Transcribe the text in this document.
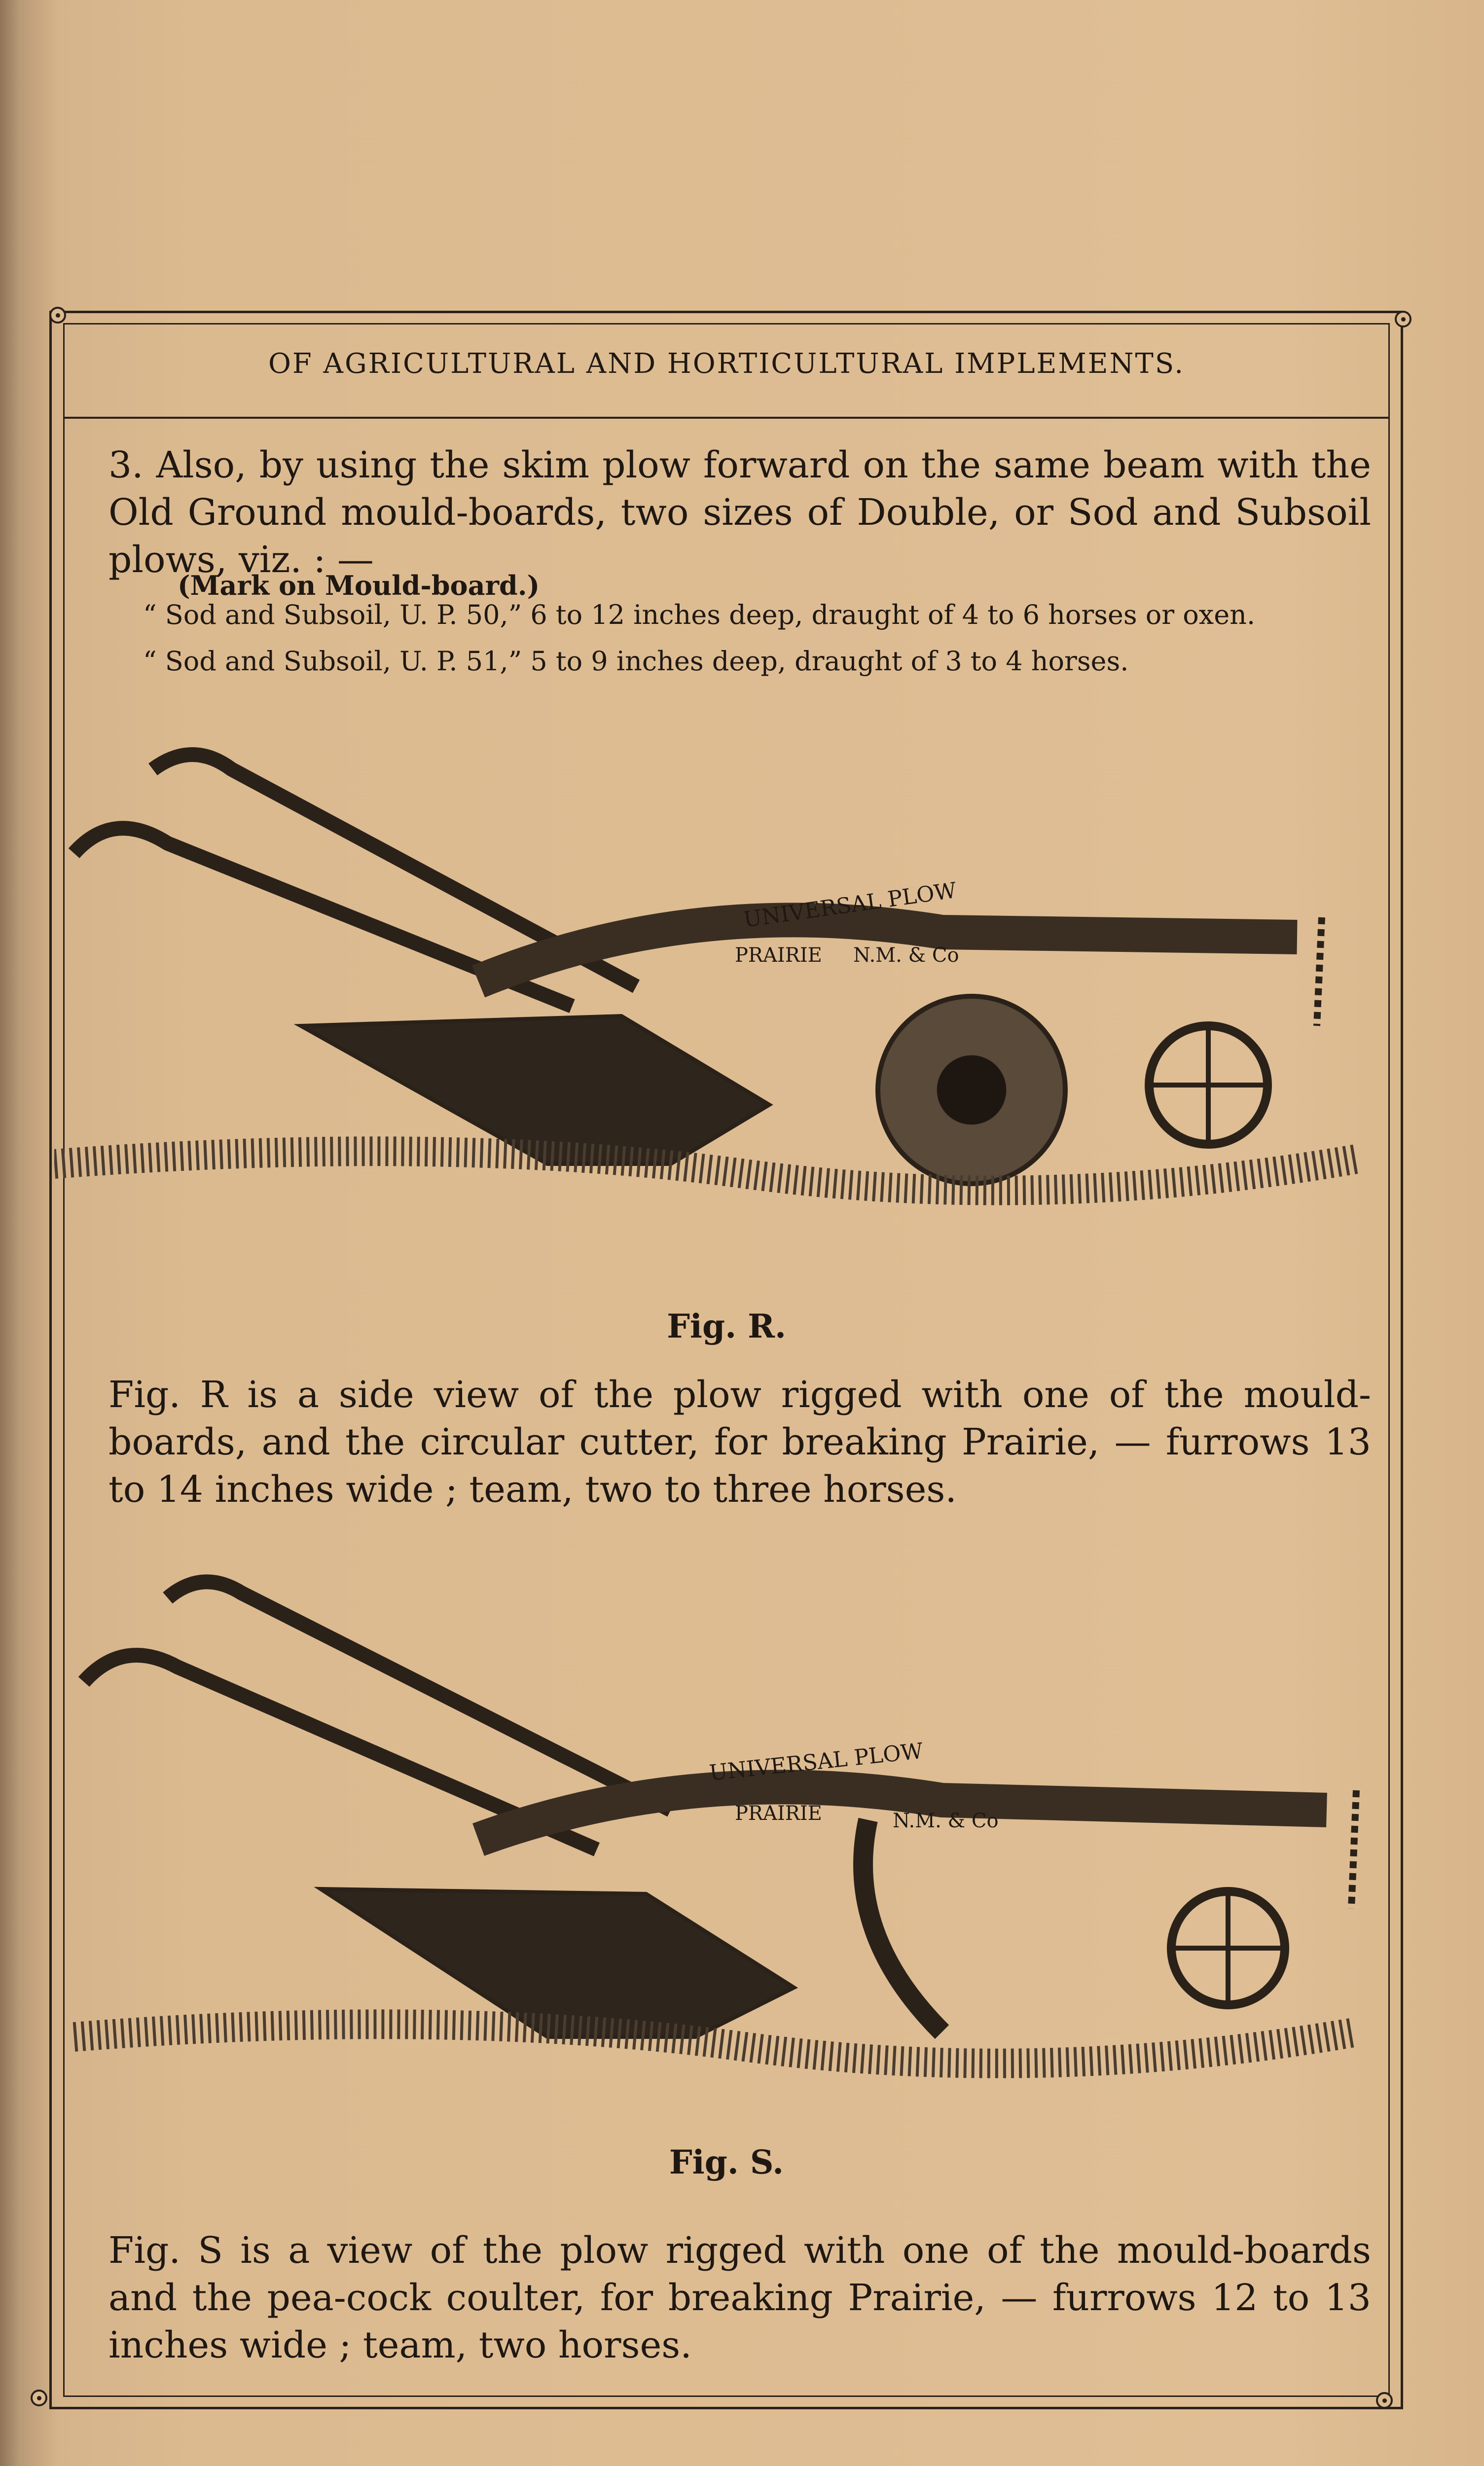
OF AGRICULTURAL AND HORTICULTURAL IMPLEMENTS.
3. Also, by using the skim plow forward on the same beam with the Old Ground mould-boards, two sizes of Double, or Sod and Subsoil plows, viz. : —
(Mark on Mould-board.)
“ Sod and Subsoil, U. P. 50,” 6 to 12 inches deep, draught of 4 to 6 horses or oxen.
“ Sod and Subsoil, U. P. 51,” 5 to 9 inches deep, draught of 3 to 4 horses.
UNIVERSAL PLOW
PRAIRIE N.M. & Co
Fig. R.
Fig. R is a side view of the plow rigged with one of the mould-boards, and the circular cutter, for breaking Prairie, — furrows 13 to 14 inches wide ; team, two to three horses.
UNIVERSAL PLOW
PRAIRIE	N.M. & Co
Fig. S.
Fig. S is a view of the plow rigged with one of the mould-boards and the pea-cock coulter, for breaking Prairie, — furrows 12 to 13 inches wide ; team, two horses.
